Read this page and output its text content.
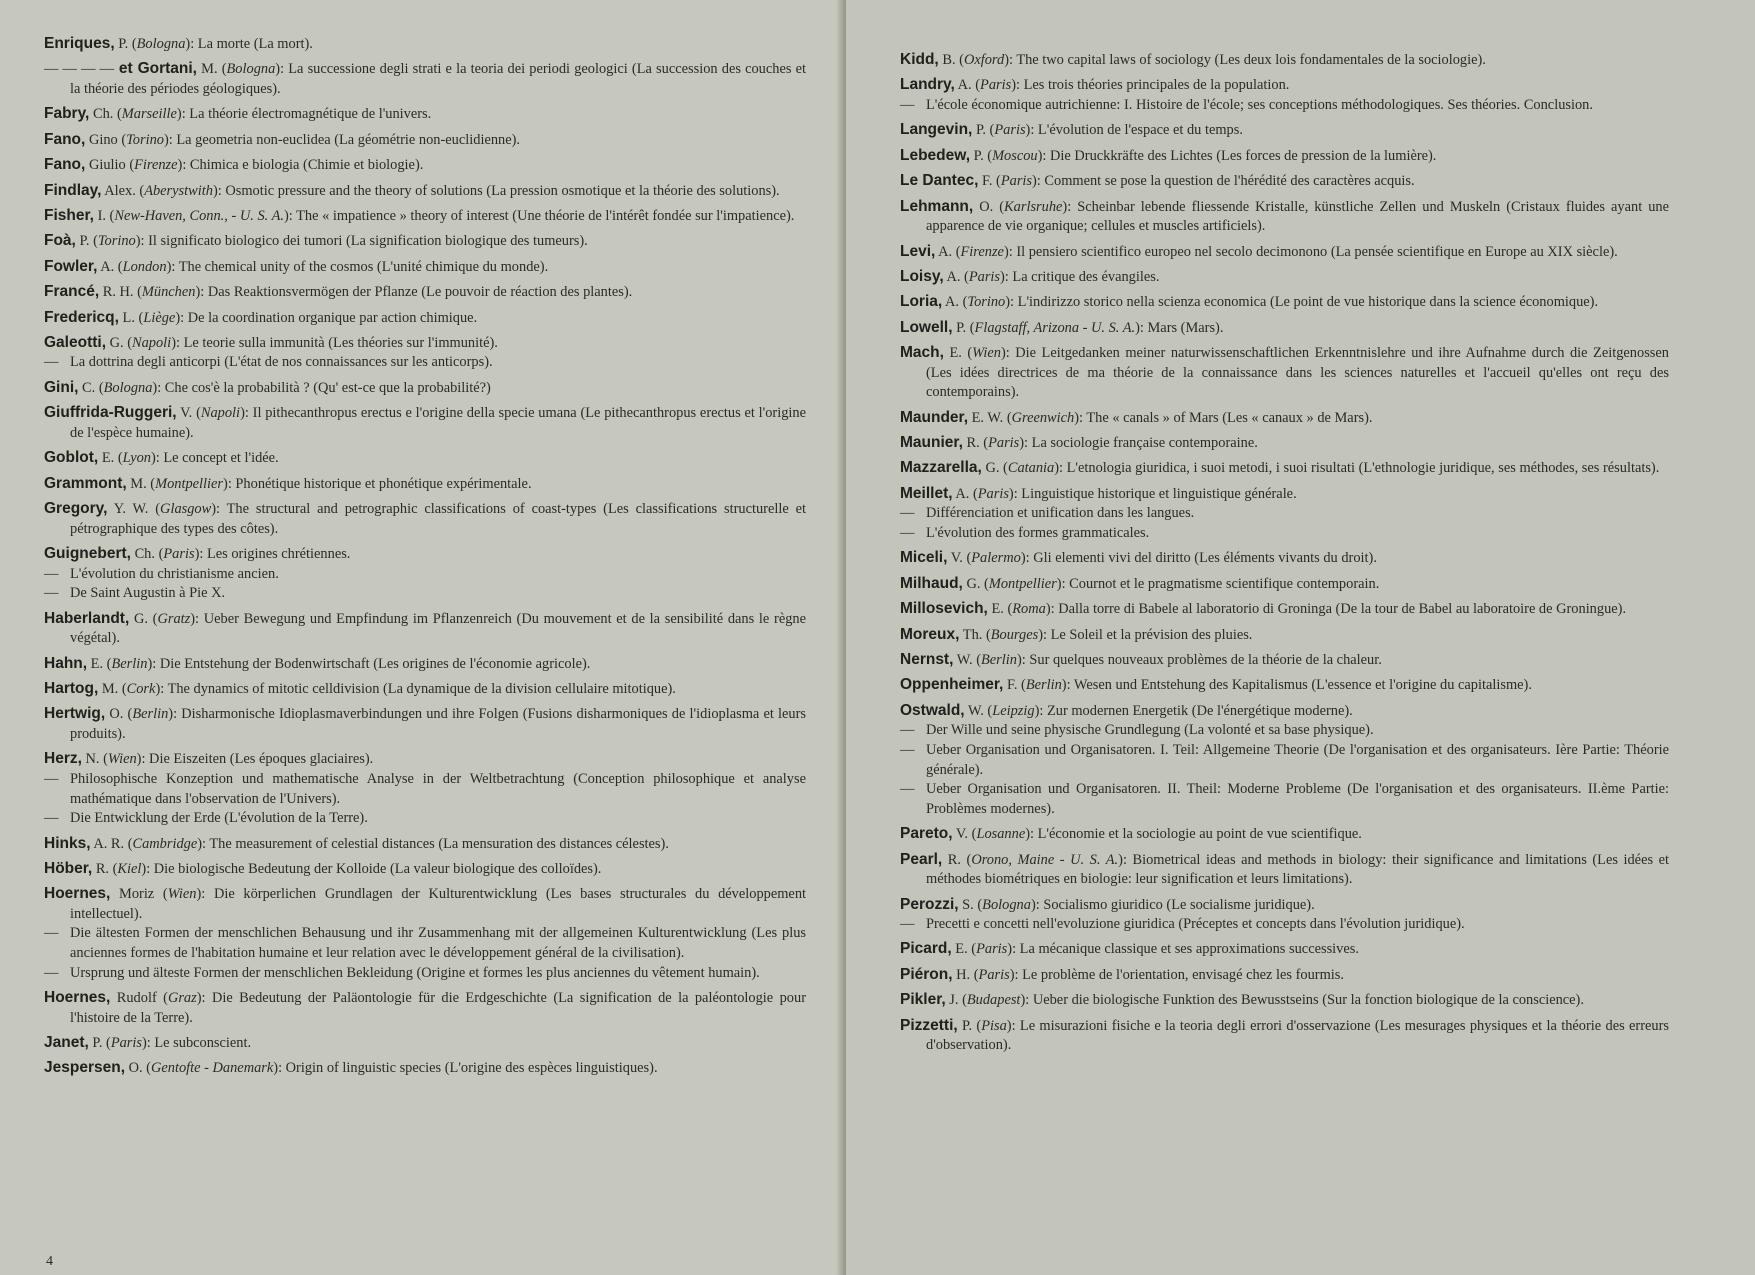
Enriques, P. (Bologna): La morte (La mort).
— — — — et Gortani, M. (Bologna): La successione degli strati e la teoria dei periodi geologici (La succession des couches et la théorie des périodes géologiques).
Fabry, Ch. (Marseille): La théorie électromagnétique de l'univers.
Fano, Gino (Torino): La geometria non-euclidea (La géométrie non-euclidienne).
Fano, Giulio (Firenze): Chimica e biologia (Chimie et biologie).
Findlay, Alex. (Aberystwith): Osmotic pressure and the theory of solutions (La pression osmotique et la théorie des solutions).
Fisher, I. (New-Haven, Conn., - U. S. A.): The « impatience » theory of interest (Une théorie de l'intérêt fondée sur l'impatience).
Foà, P. (Torino): Il significato biologico dei tumori (La signification biologique des tumeurs).
Fowler, A. (London): The chemical unity of the cosmos (L'unité chimique du monde).
Francé, R. H. (München): Das Reaktionsvermögen der Pflanze (Le pouvoir de réaction des plantes).
Fredericq, L. (Liège): De la coordination organique par action chimique.
Galeotti, G. (Napoli): Le teorie sulla immunità (Les théories sur l'immunité).
— La dottrina degli anticorpi (L'état de nos connaissances sur les anticorps).
Gini, C. (Bologna): Che cos'è la probabilità ? (Qu' est-ce que la probabilité?)
Giuffrida-Ruggeri, V. (Napoli): Il pithecanthropus erectus e l'origine della specie umana (Le pithecanthropus erectus et l'origine de l'espèce humaine).
Goblot, E. (Lyon): Le concept et l'idée.
Grammont, M. (Montpellier): Phonétique historique et phonétique expérimentale.
Gregory, Y. W. (Glasgow): The structural and petrographic classifications of coast-types (Les classifications structurelle et pétrographique des types des côtes).
Guignebert, Ch. (Paris): Les origines chrétiennes.
— L'évolution du christianisme ancien.
— De Saint Augustin à Pie X.
Haberlandt, G. (Gratz): Ueber Bewegung und Empfindung im Pflanzenreich (Du mouvement et de la sensibilité dans le règne végétal).
Hahn, E. (Berlin): Die Entstehung der Bodenwirtschaft (Les origines de l'économie agricole).
Hartog, M. (Cork): The dynamics of mitotic celldivision (La dynamique de la division cellulaire mitotique).
Hertwig, O. (Berlin): Disharmonische Idioplasmaverbindungen und ihre Folgen (Fusions disharmoniques de l'idioplasma et leurs produits).
Herz, N. (Wien): Die Eiszeiten (Les époques glaciaires).
— Philosophische Konzeption und mathematische Analyse in der Weltbetrachtung (Conception philosophique et analyse mathématique dans l'observation de l'Univers).
— Die Entwicklung der Erde (L'évolution de la Terre).
Hinks, A. R. (Cambridge): The measurement of celestial distances (La mensuration des distances célestes).
Höber, R. (Kiel): Die biologische Bedeutung der Kolloide (La valeur biologique des colloïdes).
Hoernes, Moriz (Wien): Die körperlichen Grundlagen der Kulturentwicklung (Les bases structurales du développement intellectuel).
— Die ältesten Formen der menschlichen Behausung und ihr Zusammenhang mit der allgemeinen Kulturentwicklung (Les plus anciennes formes de l'habitation humaine et leur relation avec le développement général de la civilisation).
— Ursprung und älteste Formen der menschlichen Bekleidung (Origine et formes les plus anciennes du vêtement humain).
Hoernes, Rudolf (Graz): Die Bedeutung der Paläontologie für die Erdgeschichte (La signification de la paléontologie pour l'histoire de la Terre).
Janet, P. (Paris): Le subconscient.
Jespersen, O. (Gentofte - Danemark): Origin of linguistic species (L'origine des espèces linguistiques).
Kidd, B. (Oxford): The two capital laws of sociology (Les deux lois fondamentales de la sociologie).
Landry, A. (Paris): Les trois théories principales de la population.
— L'école économique autrichienne: I. Histoire de l'école; ses conceptions méthodologiques. Ses théories. Conclusion.
Langevin, P. (Paris): L'évolution de l'espace et du temps.
Lebedew, P. (Moscou): Die Druckkräfte des Lichtes (Les forces de pression de la lumière).
Le Dantec, F. (Paris): Comment se pose la question de l'hérédité des caractères acquis.
Lehmann, O. (Karlsruhe): Scheinbar lebende fliessende Kristalle, künstliche Zellen und Muskeln (Cristaux fluides ayant une apparence de vie organique; cellules et muscles artificiels).
Levi, A. (Firenze): Il pensiero scientifico europeo nel secolo decimonono (La pensée scientifique en Europe au XIX siècle).
Loisy, A. (Paris): La critique des évangiles.
Loria, A. (Torino): L'indirizzo storico nella scienza economica (Le point de vue historique dans la science économique).
Lowell, P. (Flagstaff, Arizona - U. S. A.): Mars (Mars).
Mach, E. (Wien): Die Leitgedanken meiner naturwissenschaftlichen Erkenntnislehre und ihre Aufnahme durch die Zeitgenossen (Les idées directrices de ma théorie de la connaissance dans les sciences naturelles et l'accueil qu'elles ont reçu des contemporains).
Maunder, E. W. (Greenwich): The « canals » of Mars (Les « canaux » de Mars).
Maunier, R. (Paris): La sociologie française contemporaine.
Mazzarella, G. (Catania): L'etnologia giuridica, i suoi metodi, i suoi risultati (L'ethnologie juridique, ses méthodes, ses résultats).
Meillet, A. (Paris): Linguistique historique et linguistique générale.
— Différenciation et unification dans les langues.
— L'évolution des formes grammaticales.
Miceli, V. (Palermo): Gli elementi vivi del diritto (Les éléments vivants du droit).
Milhaud, G. (Montpellier): Cournot et le pragmatisme scientifique contemporain.
Millosevich, E. (Roma): Dalla torre di Babele al laboratorio di Groninga (De la tour de Babel au laboratoire de Groningue).
Moreux, Th. (Bourges): Le Soleil et la prévision des pluies.
Nernst, W. (Berlin): Sur quelques nouveaux problèmes de la théorie de la chaleur.
Oppenheimer, F. (Berlin): Wesen und Entstehung des Kapitalismus (L'essence et l'origine du capitalisme).
Ostwald, W. (Leipzig): Zur modernen Energetik (De l'énergétique moderne).
— Der Wille und seine physische Grundlegung (La volonté et sa base physique).
— Ueber Organisation und Organisatoren. I. Teil: Allgemeine Theorie (De l'organisation et des organisateurs. Ière Partie: Théorie générale).
— Ueber Organisation und Organisatoren. II. Theil: Moderne Probleme (De l'organisation et des organisateurs. II.ème Partie: Problèmes modernes).
Pareto, V. (Losanne): L'économie et la sociologie au point de vue scientifique.
Pearl, R. (Orono, Maine - U. S. A.): Biometrical ideas and methods in biology: their significance and limitations (Les idées et méthodes biométriques en biologie: leur signification et leurs limitations).
Perozzi, S. (Bologna): Socialismo giuridico (Le socialisme juridique).
— Precetti e concetti nell'evoluzione giuridica (Préceptes et concepts dans l'évolution juridique).
Picard, E. (Paris): La mécanique classique et ses approximations successives.
Piéron, H. (Paris): Le problème de l'orientation, envisagé chez les fourmis.
Pikler, J. (Budapest): Ueber die biologische Funktion des Bewusstseins (Sur la fonction biologique de la conscience).
Pizzetti, P. (Pisa): Le misurazioni fisiche e la teoria degli errori d'osservazione (Les mesurages physiques et la théorie des erreurs d'observation).
4
